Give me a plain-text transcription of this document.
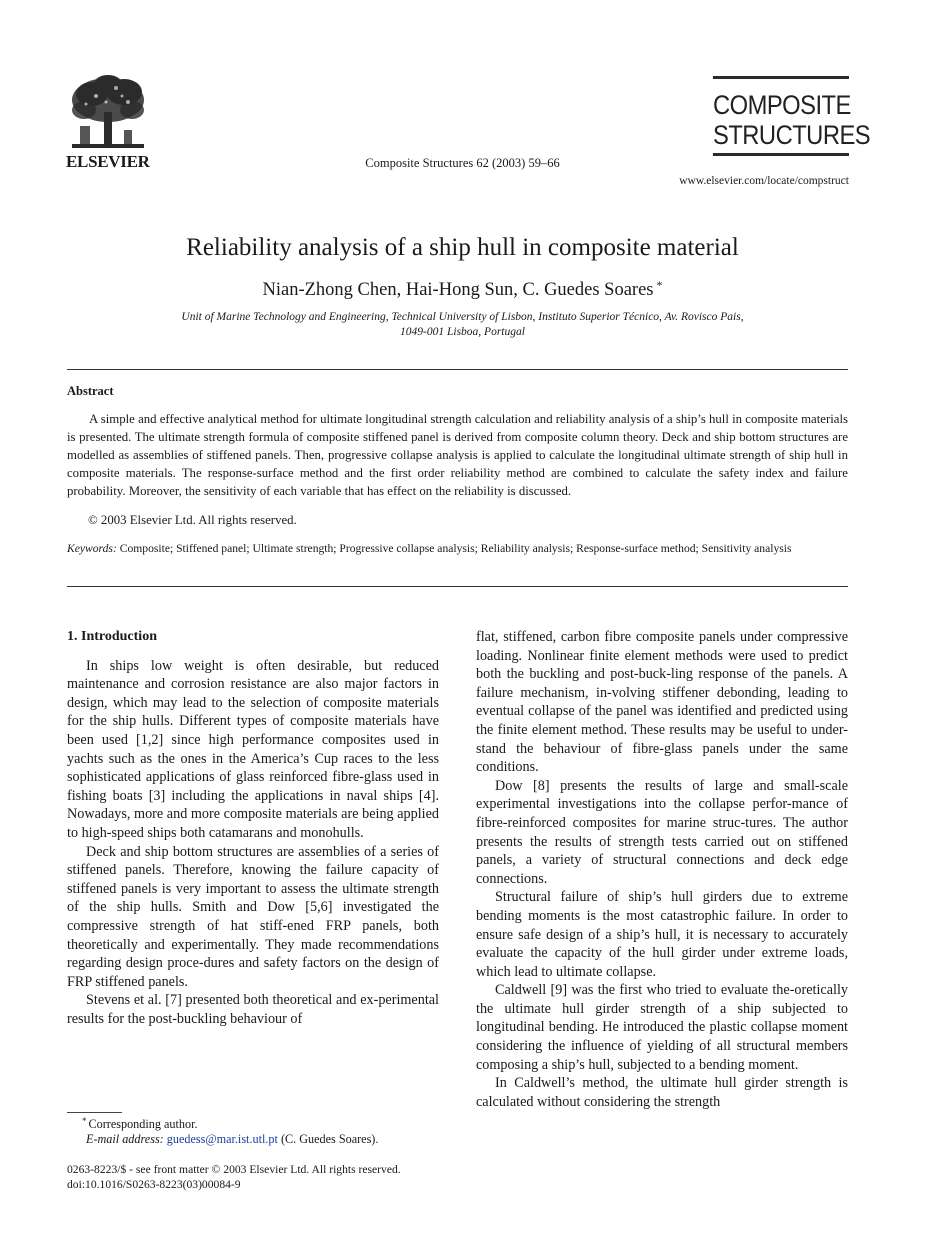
ELSEVIER	Composite Structures 62 (2003) 59–66
COMPOSITE
STRUCTURES
www.elsevier.com/locate/compstruct
Reliability analysis of a ship hull in composite material
Nian-Zhong Chen, Hai-Hong Sun, C. Guedes Soares *
Unit of Marine Technology and Engineering, Technical University of Lisbon, Instituto Superior Técnico, Av. Rovisco Pais,
1049-001 Lisboa, Portugal
Abstract
A simple and effective analytical method for ultimate longitudinal strength calculation and reliability analysis of a ship’s hull in composite materials is presented. The ultimate strength formula of composite stiffened panel is derived from composite column theory. Deck and ship bottom structures are modelled as assemblies of stiffened panels. Then, progressive collapse analysis is applied to calculate the longitudinal ultimate strength of ship hull in composite materials. The response-surface method and the first order reliability method are combined to calculate the safety index and failure probability. Moreover, the sensitivity of each variable that has effect on the reliability is discussed.
© 2003 Elsevier Ltd. All rights reserved.
Keywords: Composite; Stiffened panel; Ultimate strength; Progressive collapse analysis; Reliability analysis; Response-surface method; Sensitivity analysis
1. Introduction

In ships low weight is often desirable, but reduced maintenance and corrosion resistance are also major factors in design, which may lead to the selection of composite materials for the ship hulls. Different types of composite materials have been used [1,2] since high performance composites used in yachts such as the ones in the America’s Cup races to the less sophisticated applications of glass reinforced fibre-glass used in fishing boats [3] including the applications in naval ships [4]. Nowadays, more and more composite materials are being applied to high-speed ships both catamarans and monohulls.

Deck and ship bottom structures are assemblies of a series of stiffened panels. Therefore, knowing the failure capacity of stiffened panels is very important to assess the ultimate strength of the ship hulls. Smith and Dow [5,6] investigated the compressive strength of hat stiff-ened FRP panels, both theoretically and experimentally. They made recommendations regarding design proce-dures and safety factors on the design of FRP stiffened panels.

Stevens et al. [7] presented both theoretical and ex-perimental results for the post-buckling behaviour of

flat, stiffened, carbon fibre composite panels under compressive loading. Nonlinear finite element methods were used to predict both the buckling and post-buck-ling response of the panels. A failure mechanism, in-volving stiffener debonding, leading to eventual collapse of the panel was identified and predicted using the finite element method. These results may be useful to under-stand the behaviour of fibre-glass panels under the same conditions.

Dow [8] presents the results of large and small-scale experimental investigations into the collapse perfor-mance of fibre-reinforced composites for marine struc-tures. The author presents the results of strength tests carried out on stiffened panels, a variety of structural connections and deck edge connections.

Structural failure of ship’s hull girders due to extreme bending moments is the most catastrophic failure. In order to ensure safe design of a ship’s hull, it is necessary to accurately evaluate the capacity of the hull girder under extreme loads, which lead to ultimate collapse.

Caldwell [9] was the first who tried to evaluate the-oretically the ultimate hull girder strength of a ship subjected to longitudinal bending. He introduced the plastic collapse moment considering the influence of yielding of all structural members composing a ship’s hull, subjected to a bending moment.

In Caldwell’s method, the ultimate hull girder strength is calculated without considering the strength

* Corresponding author.
E-mail address: guedess@mar.ist.utl.pt (C. Guedes Soares).
0263-8223/$ - see front matter © 2003 Elsevier Ltd. All rights reserved.
doi:10.1016/S0263-8223(03)00084-9
